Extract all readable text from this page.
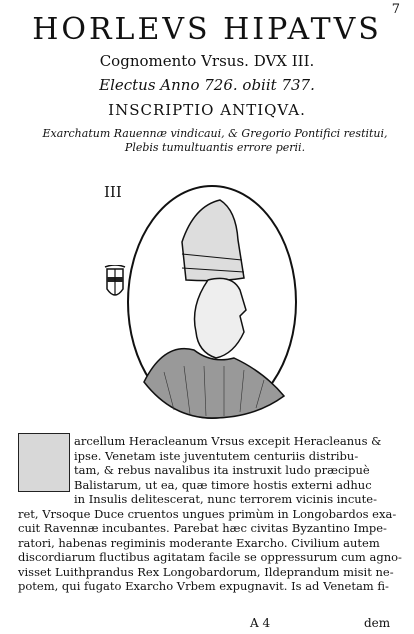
7
HORLEVS HIPATVS
Cognomento Vrsus. DVX III.
Electus Anno 726. obiit 737.
INSCRIPTIO ANTIQVA.
Exarchatum Rauennæ vindicaui, & Gregorio Pontifici restitui,
Plebis tumultuantis errore perii.
III

arcellum Heracleanum Vrsus excepit Heracleanus &

ipse. Venetam iste juventutem centuriis distribu-

tam, & rebus navalibus ita instruxit ludo præcipuè

Balistarum, ut ea, quæ timore hostis externi adhuc

in Insulis delitescerat, nunc terrorem vicinis incute-

ret, Vrsoque Duce cruentos ungues primùm in Longobardos exa-

cuit Ravennæ incubantes. Parebat hæc civitas Byzantino Impe-

ratori, habenas regiminis moderante Exarcho. Civilium autem

discordiarum fluctibus agitatam facile se oppressurum cum agno-

visset Luithprandus Rex Longobardorum, Ildeprandum misit ne-

potem, qui fugato Exarcho Vrbem expugnavit. Is ad Venetam fi-

A 4	dem
